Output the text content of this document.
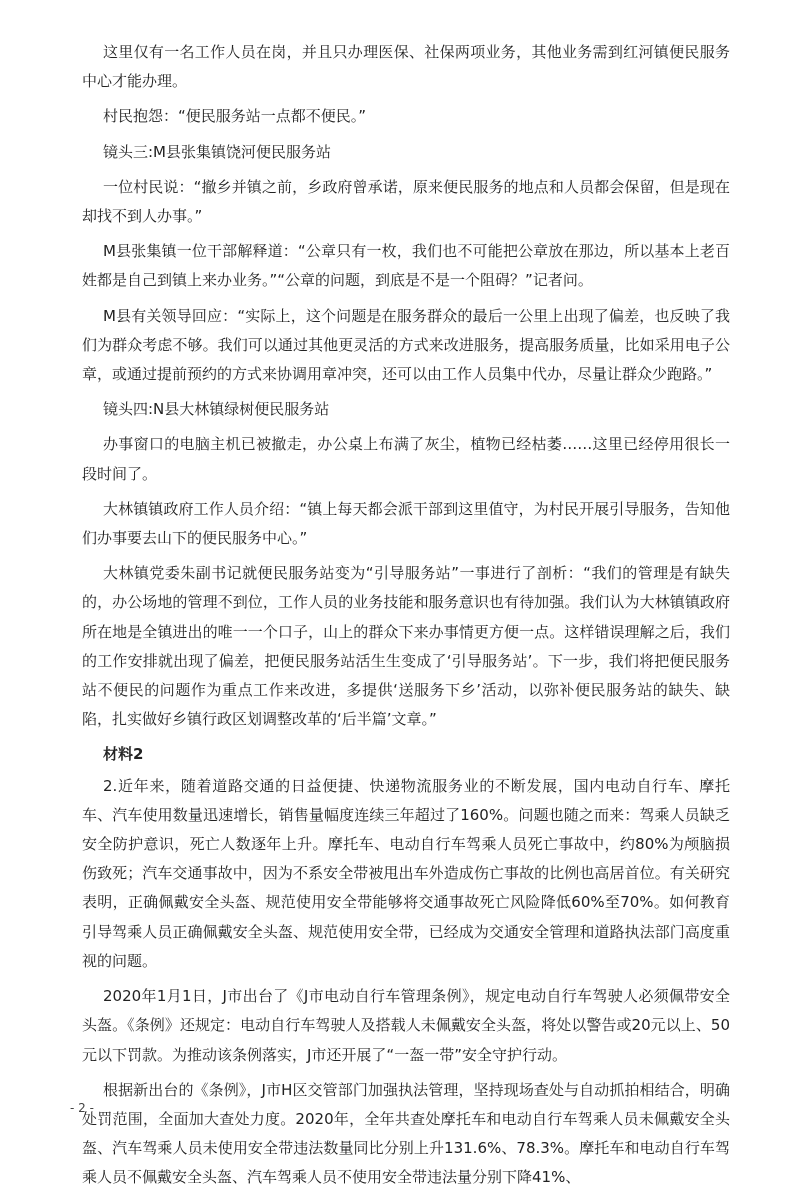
这里仅有一名工作人员在岗，并且只办理医保、社保两项业务，其他业务需到红河镇便民服务中心才能办理。

村民抱怨：“便民服务站一点都不便民。”

镜头三:M县张集镇饶河便民服务站

一位村民说：“撤乡并镇之前，乡政府曾承诺，原来便民服务的地点和人员都会保留，但是现在却找不到人办事。”

M县张集镇一位干部解释道：“公章只有一枚，我们也不可能把公章放在那边，所以基本上老百姓都是自己到镇上来办业务。”“公章的问题，到底是不是一个阻碍？”记者问。

M县有关领导回应：“实际上，这个问题是在服务群众的最后一公里上出现了偏差，也反映了我们为群众考虑不够。我们可以通过其他更灵活的方式来改进服务，提高服务质量，比如采用电子公章，或通过提前预约的方式来协调用章冲突，还可以由工作人员集中代办，尽量让群众少跑路。”

镜头四:N县大林镇绿树便民服务站

办事窗口的电脑主机已被撤走，办公桌上布满了灰尘，植物已经枯萎……这里已经停用很长一段时间了。

大林镇镇政府工作人员介绍：“镇上每天都会派干部到这里值守，为村民开展引导服务，告知他们办事要去山下的便民服务中心。”

大林镇党委朱副书记就便民服务站变为“引导服务站”一事进行了剖析：“我们的管理是有缺失的，办公场地的管理不到位，工作人员的业务技能和服务意识也有待加强。我们认为大林镇镇政府所在地是全镇进出的唯一一个口子，山上的群众下来办事情更方便一点。这样错误理解之后，我们的工作安排就出现了偏差，把便民服务站活生生变成了‘引导服务站’。下一步，我们将把便民服务站不便民的问题作为重点工作来改进，多提供‘送服务下乡’活动，以弥补便民服务站的缺失、缺陷，扎实做好乡镇行政区划调整改革的‘后半篇’文章。”

材料2

2.近年来，随着道路交通的日益便捷、快递物流服务业的不断发展，国内电动自行车、摩托车、汽车使用数量迅速增长，销售量幅度连续三年超过了160%。问题也随之而来：驾乘人员缺乏安全防护意识，死亡人数逐年上升。摩托车、电动自行车驾乘人员死亡事故中，约80%为颅脑损伤致死；汽车交通事故中，因为不系安全带被甩出车外造成伤亡事故的比例也高居首位。有关研究表明，正确佩戴安全头盔、规范使用安全带能够将交通事故死亡风险降低60%至70%。如何教育引导驾乘人员正确佩戴安全头盔、规范使用安全带，已经成为交通安全管理和道路执法部门高度重视的问题。

2020年1月1日，J市出台了《J市电动自行车管理条例》，规定电动自行车驾驶人必须佩带安全头盔。《条例》还规定：电动自行车驾驶人及搭载人未佩戴安全头盔，将处以警告或20元以上、50元以下罚款。为推动该条例落实，J市还开展了“一盔一带”安全守护行动。

根据新出台的《条例》，J市H区交管部门加强执法管理，坚持现场查处与自动抓拍相结合，明确处罚范围，全面加大查处力度。2020年，全年共查处摩托车和电动自行车驾乘人员未佩戴安全头盔、汽车驾乘人员未使用安全带违法数量同比分别上升131.6%、78.3%。摩托车和电动自行车驾乘人员不佩戴安全头盔、汽车驾乘人员不使用安全带违法量分别下降41%、

- 2 -
